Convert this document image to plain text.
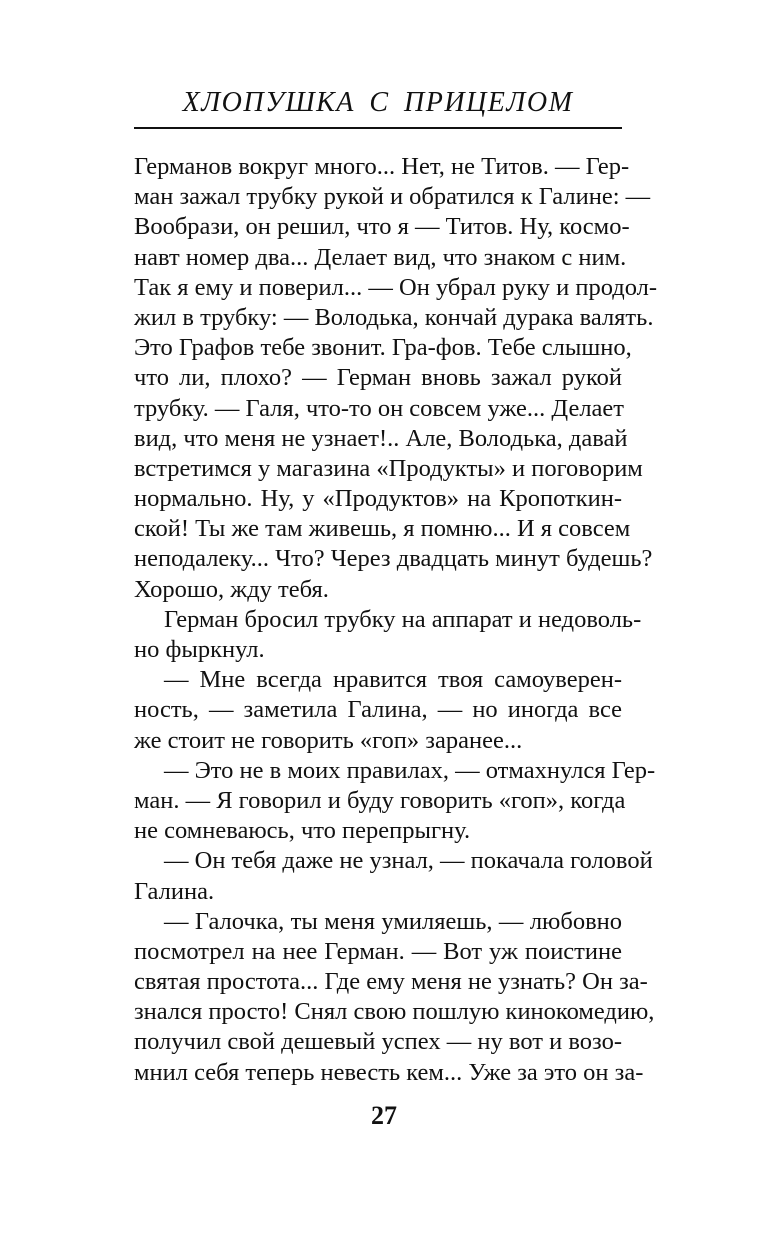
ХЛОПУШКА С ПРИЦЕЛОМ
Германов вокруг много... Нет, не Титов. — Гер-
ман зажал трубку рукой и обратился к Галине: —
Вообрази, он решил, что я — Титов. Ну, космо-
навт номер два... Делает вид, что знаком с ним.
Так я ему и поверил... — Он убрал руку и продол-
жил в трубку: — Володька, кончай дурака валять.
Это Графов тебе звонит. Гра-фов. Тебе слышно,
что ли, плохо? — Герман вновь зажал рукой
трубку. — Галя, что-то он совсем уже... Делает
вид, что меня не узнает!.. Але, Володька, давай
встретимся у магазина «Продукты» и поговорим
нормально. Ну, у «Продуктов» на Кропоткин-
ской! Ты же там живешь, я помню... И я совсем
неподалеку... Что? Через двадцать минут будешь?
Хорошо, жду тебя.
Герман бросил трубку на аппарат и недоволь-
но фыркнул.
— Мне всегда нравится твоя самоуверен-
ность, — заметила Галина, — но иногда все
же стоит не говорить «гоп» заранее...
— Это не в моих правилах, — отмахнулся Гер-
ман. — Я говорил и буду говорить «гоп», когда
не сомневаюсь, что перепрыгну.
— Он тебя даже не узнал, — покачала головой
Галина.
— Галочка, ты меня умиляешь, — любовно
посмотрел на нее Герман. — Вот уж поистине
святая простота... Где ему меня не узнать? Он за-
знался просто! Снял свою пошлую кинокомедию,
получил свой дешевый успех — ну вот и возо-
мнил себя теперь невесть кем... Уже за это он за-
27
